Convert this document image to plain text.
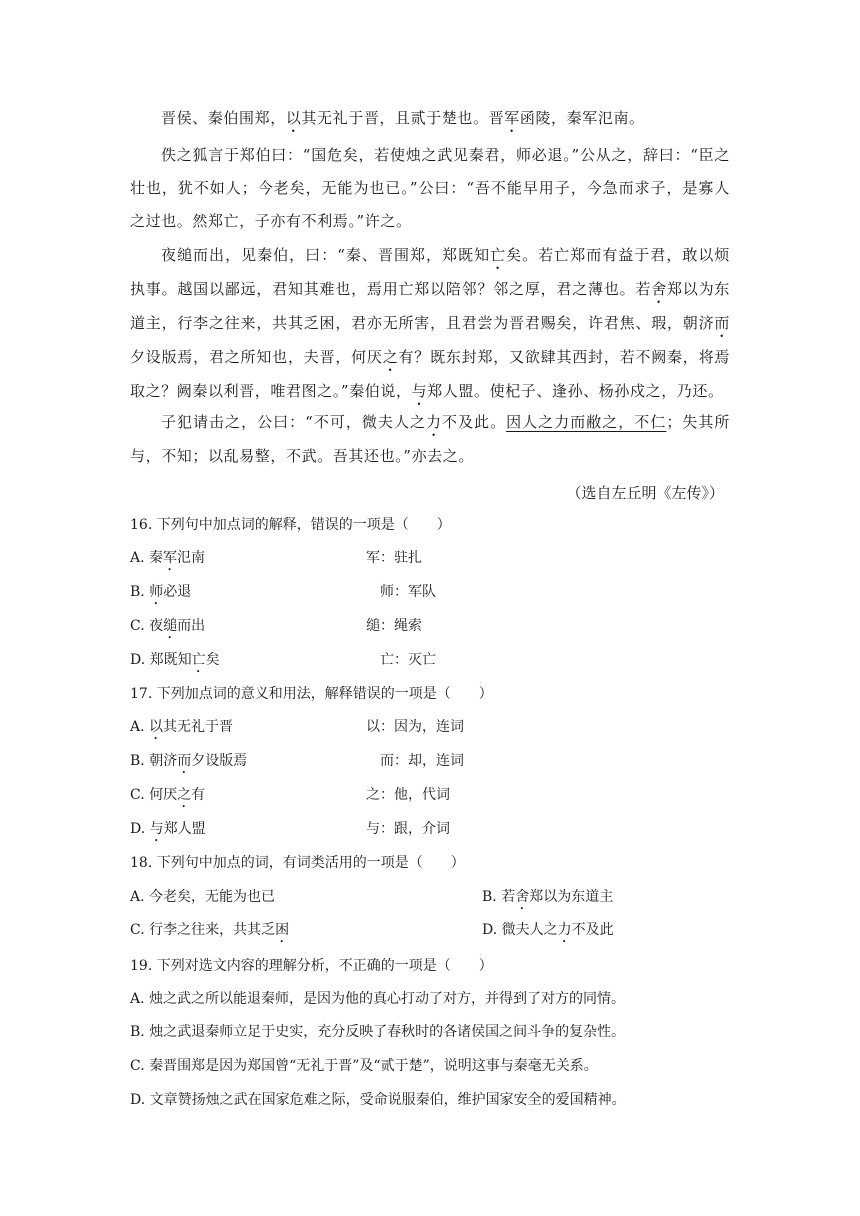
晋侯、秦伯围郑，以其无礼于晋，且贰于楚也。晋军函陵，秦军氾南。

佚之狐言于郑伯曰：“国危矣，若使烛之武见秦君，师必退。”公从之，辞曰：“臣之壮也，犹不如人；今老矣，无能为也已。”公曰：“吾不能早用子，今急而求子，是寡人之过也。然郑亡，子亦有不利焉。”许之。

夜缒而出，见秦伯，曰：“秦、晋围郑，郑既知亡矣。若亡郑而有益于君，敢以烦执事。越国以鄙远，君知其难也，焉用亡郑以陪邻？邻之厚，君之薄也。若舍郑以为东道主，行李之往来，共其乏困，君亦无所害，且君尝为晋君赐矣，许君焦、瑕，朝济而夕设版焉，君之所知也，夫晋，何厌之有？既东封郑，又欲肆其西封，若不阙秦，将焉取之？阙秦以利晋，唯君图之。”秦伯说，与郑人盟。使杞子、逢孙、杨孙戍之，乃还。

子犯请击之，公曰：“不可，微夫人之力不及此。因人之力而敝之，不仁；失其所与，不知；以乱易整，不武。吾其还也。”亦去之。

（选自左丘明《左传》）
16. 下列句中加点词的解释，错误的一项是（　　）
A. 秦军氾南	军：驻扎
B. 师必退	师：军队
C. 夜缒而出	缒：绳索
D. 郑既知亡矣	亡：灭亡
17. 下列加点词的意义和用法，解释错误的一项是（　　）
A. 以其无礼于晋	以：因为，连词
B. 朝济而夕设版焉	而：却，连词
C. 何厌之有	之：他，代词
D. 与郑人盟	与：跟，介词
18. 下列句中加点的词，有词类活用的一项是（　　）
A. 今老矣，无能为也已	B. 若舍郑以为东道主
C. 行李之往来，共其乏困	D. 微夫人之力不及此
19. 下列对选文内容的理解分析，不正确的一项是（　　）
A. 烛之武之所以能退秦师，是因为他的真心打动了对方，并得到了对方的同情。
B. 烛之武退秦师立足于史实，充分反映了春秋时的各诸侯国之间斗争的复杂性。
C. 秦晋围郑是因为郑国曾“无礼于晋”及“贰于楚”，说明这事与秦毫无关系。
D. 文章赞扬烛之武在国家危难之际，受命说服秦伯，维护国家安全的爱国精神。
